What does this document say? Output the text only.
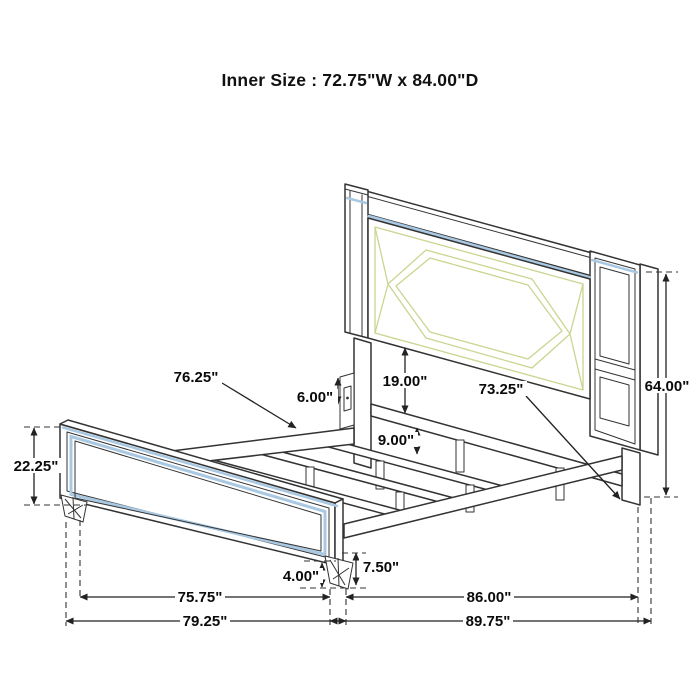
Inner Size : 72.75"W x 84.00"D
76.25"
6.00"
19.00"	73.25"	64.00"
9.00"
22.25"
4.00"
7.50"
75.75"	86.00"
79.25"	89.75"
